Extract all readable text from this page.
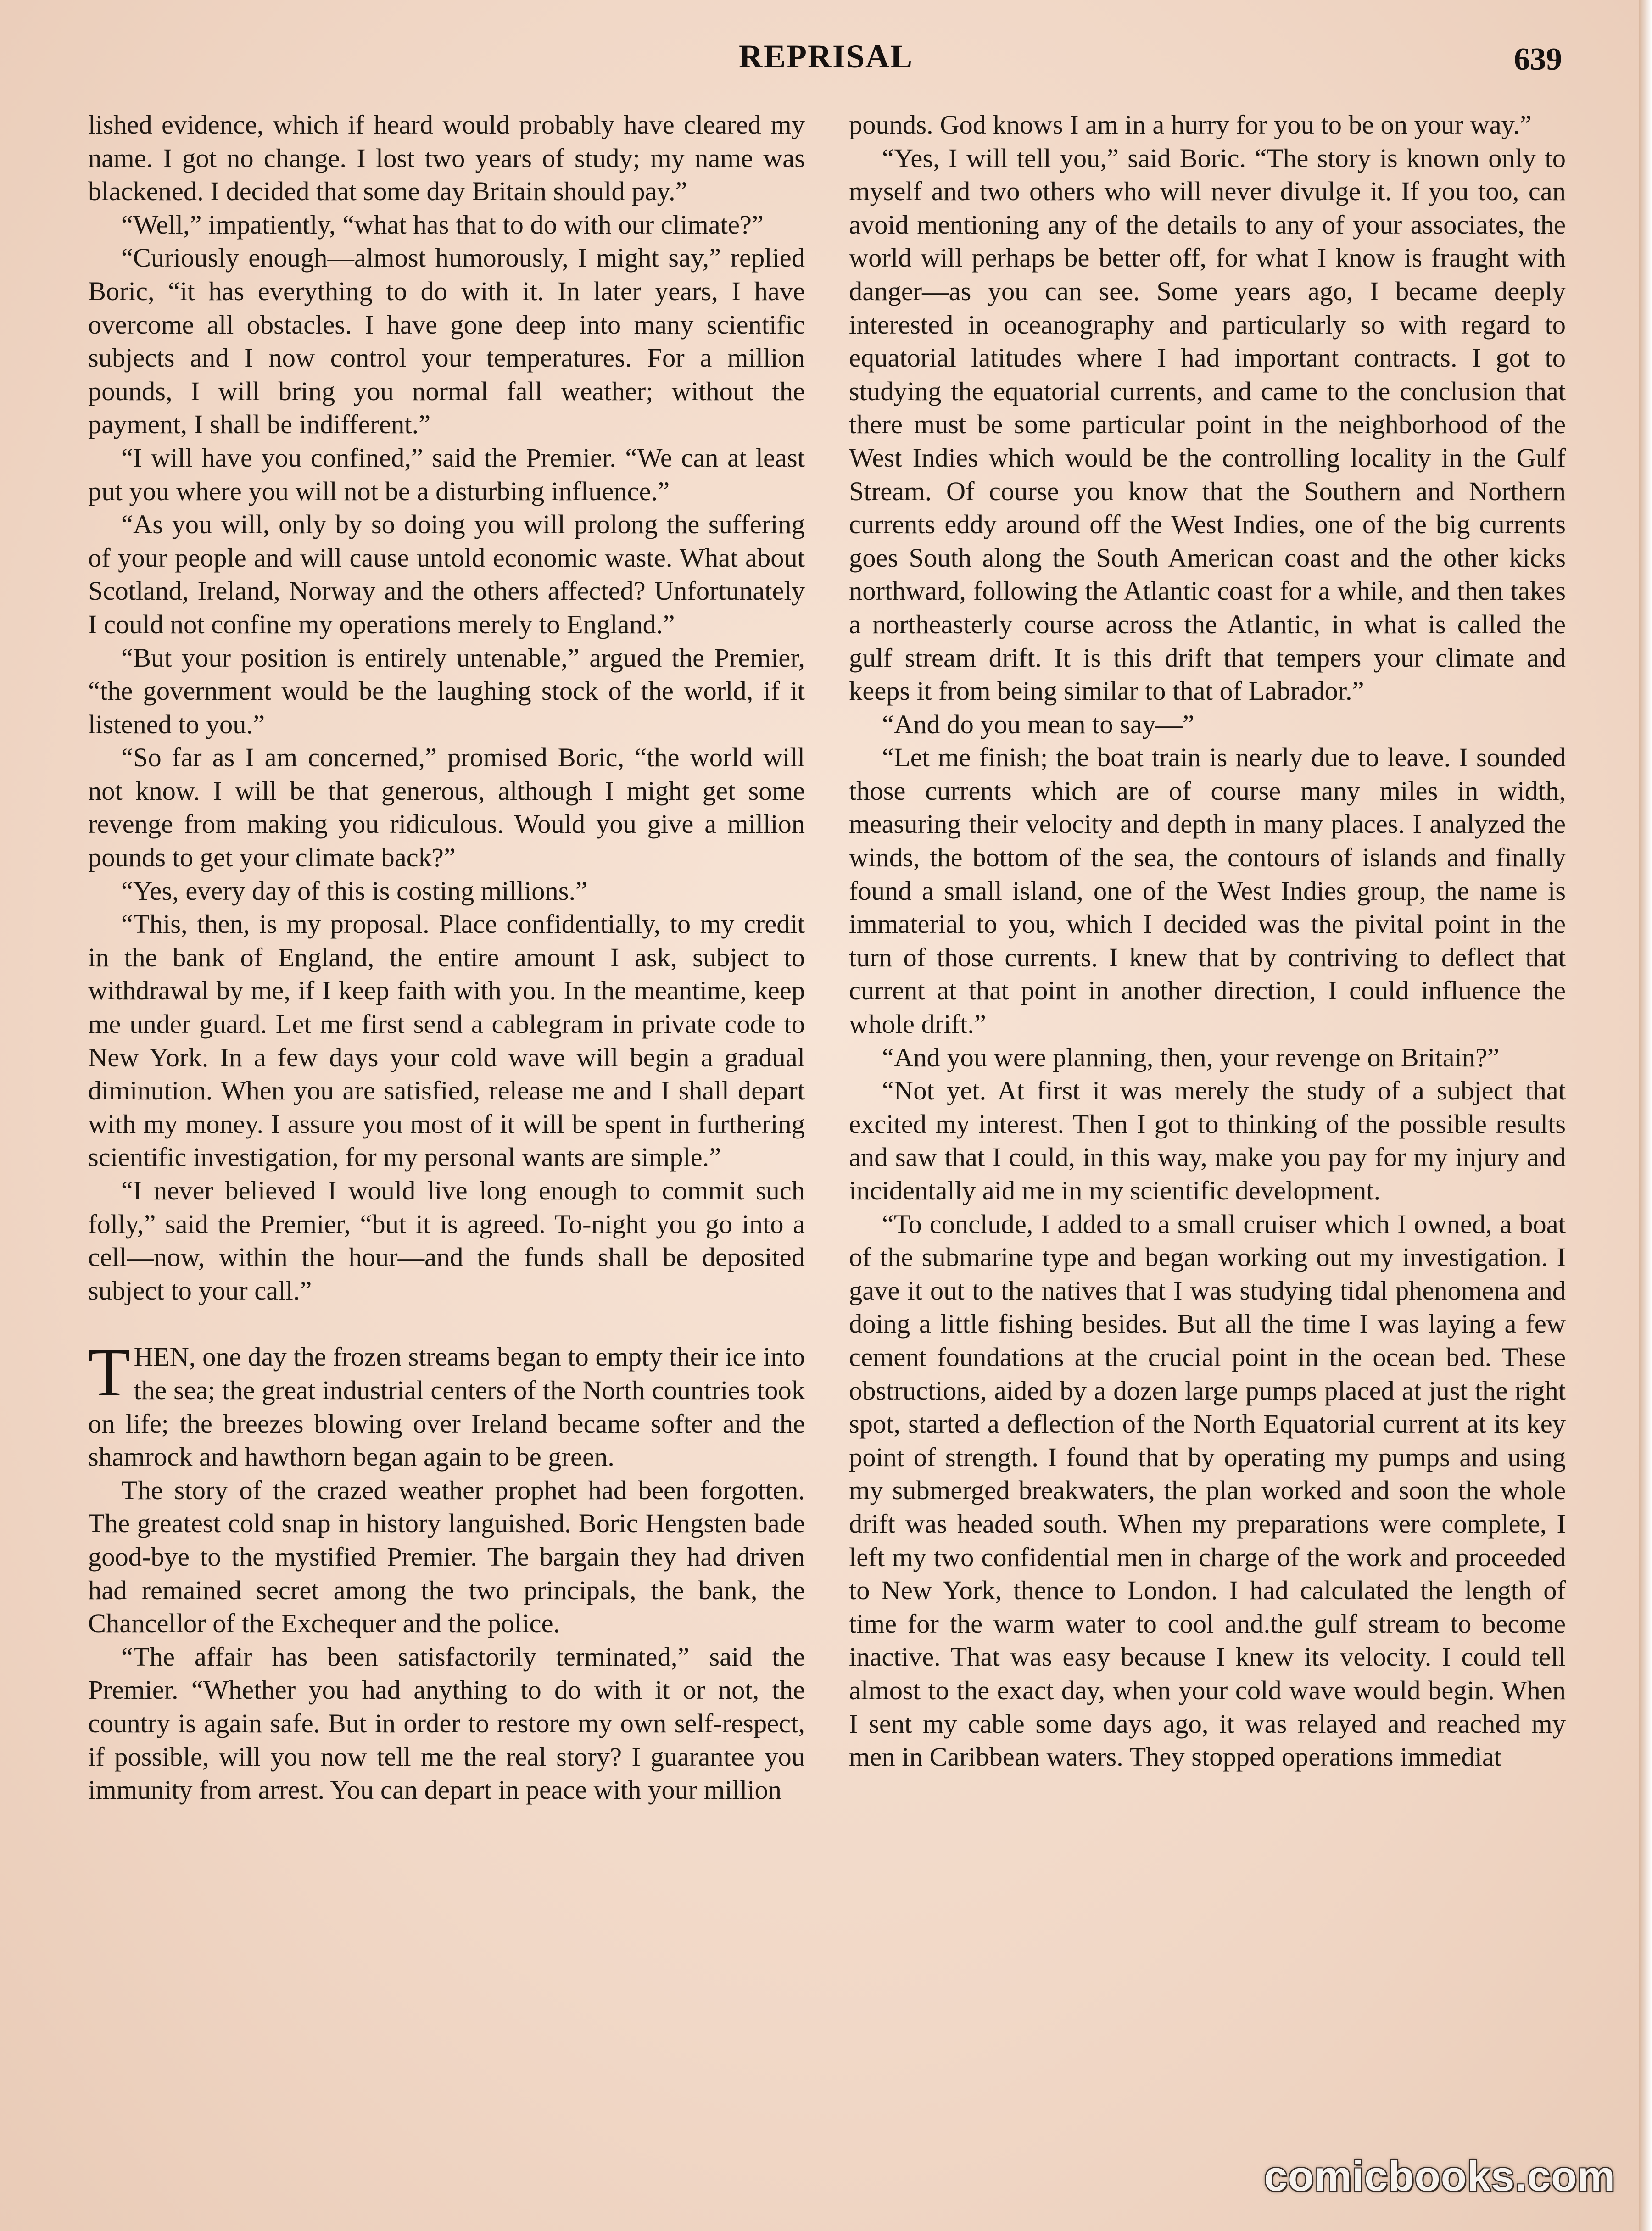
REPRISAL	639

lished evidence, which if heard would probably have cleared my name. I got no change. I lost two years of study; my name was blackened. I decided that some day Britain should pay.”

“Well,” impatiently, “what has that to do with our climate?”

“Curiously enough—almost humorously, I might say,” replied Boric, “it has everything to do with it. In later years, I have overcome all obstacles. I have gone deep into many scientific subjects and I now control your temperatures. For a million pounds, I will bring you normal fall weather; without the payment, I shall be indifferent.”

“I will have you confined,” said the Premier. “We can at least put you where you will not be a disturbing influence.”

“As you will, only by so doing you will prolong the suffering of your people and will cause untold economic waste. What about Scotland, Ireland, Norway and the others affected? Unfortunately I could not confine my operations merely to England.”

“But your position is entirely untenable,” argued the Premier, “the government would be the laughing stock of the world, if it listened to you.”

“So far as I am concerned,” promised Boric, “the world will not know. I will be that generous, although I might get some revenge from making you ridiculous. Would you give a million pounds to get your climate back?”

“Yes, every day of this is costing millions.”

“This, then, is my proposal. Place confidentially, to my credit in the bank of England, the entire amount I ask, subject to withdrawal by me, if I keep faith with you. In the meantime, keep me under guard. Let me first send a cablegram in private code to New York. In a few days your cold wave will begin a gradual diminution. When you are satisfied, release me and I shall depart with my money. I assure you most of it will be spent in furthering scientific investigation, for my personal wants are simple.”

“I never believed I would live long enough to commit such folly,” said the Premier, “but it is agreed. To-night you go into a cell—now, within the hour—and the funds shall be deposited subject to your call.”

THEN, one day the frozen streams began to empty their ice into the sea; the great industrial centers of the North countries took on life; the breezes blowing over Ireland became softer and the shamrock and hawthorn began again to be green.

The story of the crazed weather prophet had been forgotten. The greatest cold snap in history languished. Boric Hengsten bade good-bye to the mystified Premier. The bargain they had driven had remained secret among the two principals, the bank, the Chancellor of the Exchequer and the police.

“The affair has been satisfactorily terminated,” said the Premier. “Whether you had anything to do with it or not, the country is again safe. But in order to restore my own self-respect, if possible, will you now tell me the real story? I guarantee you immunity from arrest. You can depart in peace with your million

pounds. God knows I am in a hurry for you to be on your way.”

“Yes, I will tell you,” said Boric. “The story is known only to myself and two others who will never divulge it. If you too, can avoid mentioning any of the details to any of your associates, the world will perhaps be better off, for what I know is fraught with danger—as you can see. Some years ago, I became deeply interested in oceanography and particularly so with regard to equatorial latitudes where I had important contracts. I got to studying the equatorial currents, and came to the conclusion that there must be some particular point in the neighborhood of the West Indies which would be the controlling locality in the Gulf Stream. Of course you know that the Southern and Northern currents eddy around off the West Indies, one of the big currents goes South along the South American coast and the other kicks northward, following the Atlantic coast for a while, and then takes a northeasterly course across the Atlantic, in what is called the gulf stream drift. It is this drift that tempers your climate and keeps it from being similar to that of Labrador.”

“And do you mean to say—”

“Let me finish; the boat train is nearly due to leave. I sounded those currents which are of course many miles in width, measuring their velocity and depth in many places. I analyzed the winds, the bottom of the sea, the contours of islands and finally found a small island, one of the West Indies group, the name is immaterial to you, which I decided was the pivital point in the turn of those currents. I knew that by contriving to deflect that current at that point in another direction, I could influence the whole drift.”

“And you were planning, then, your revenge on Britain?”

“Not yet. At first it was merely the study of a subject that excited my interest. Then I got to thinking of the possible results and saw that I could, in this way, make you pay for my injury and incidentally aid me in my scientific development.

“To conclude, I added to a small cruiser which I owned, a boat of the submarine type and began working out my investigation. I gave it out to the natives that I was studying tidal phenomena and doing a little fishing besides. But all the time I was laying a few cement foundations at the crucial point in the ocean bed. These obstructions, aided by a dozen large pumps placed at just the right spot, started a deflection of the North Equatorial current at its key point of strength. I found that by operating my pumps and using my submerged breakwaters, the plan worked and soon the whole drift was headed south. When my preparations were complete, I left my two confidential men in charge of the work and proceeded to New York, thence to London. I had calculated the length of time for the warm water to cool and.the gulf stream to become inactive. That was easy because I knew its velocity. I could tell almost to the exact day, when your cold wave would begin. When I sent my cable some days ago, it was relayed and reached my men in Caribbean waters. They stopped operations immediat

comicbooks.com
